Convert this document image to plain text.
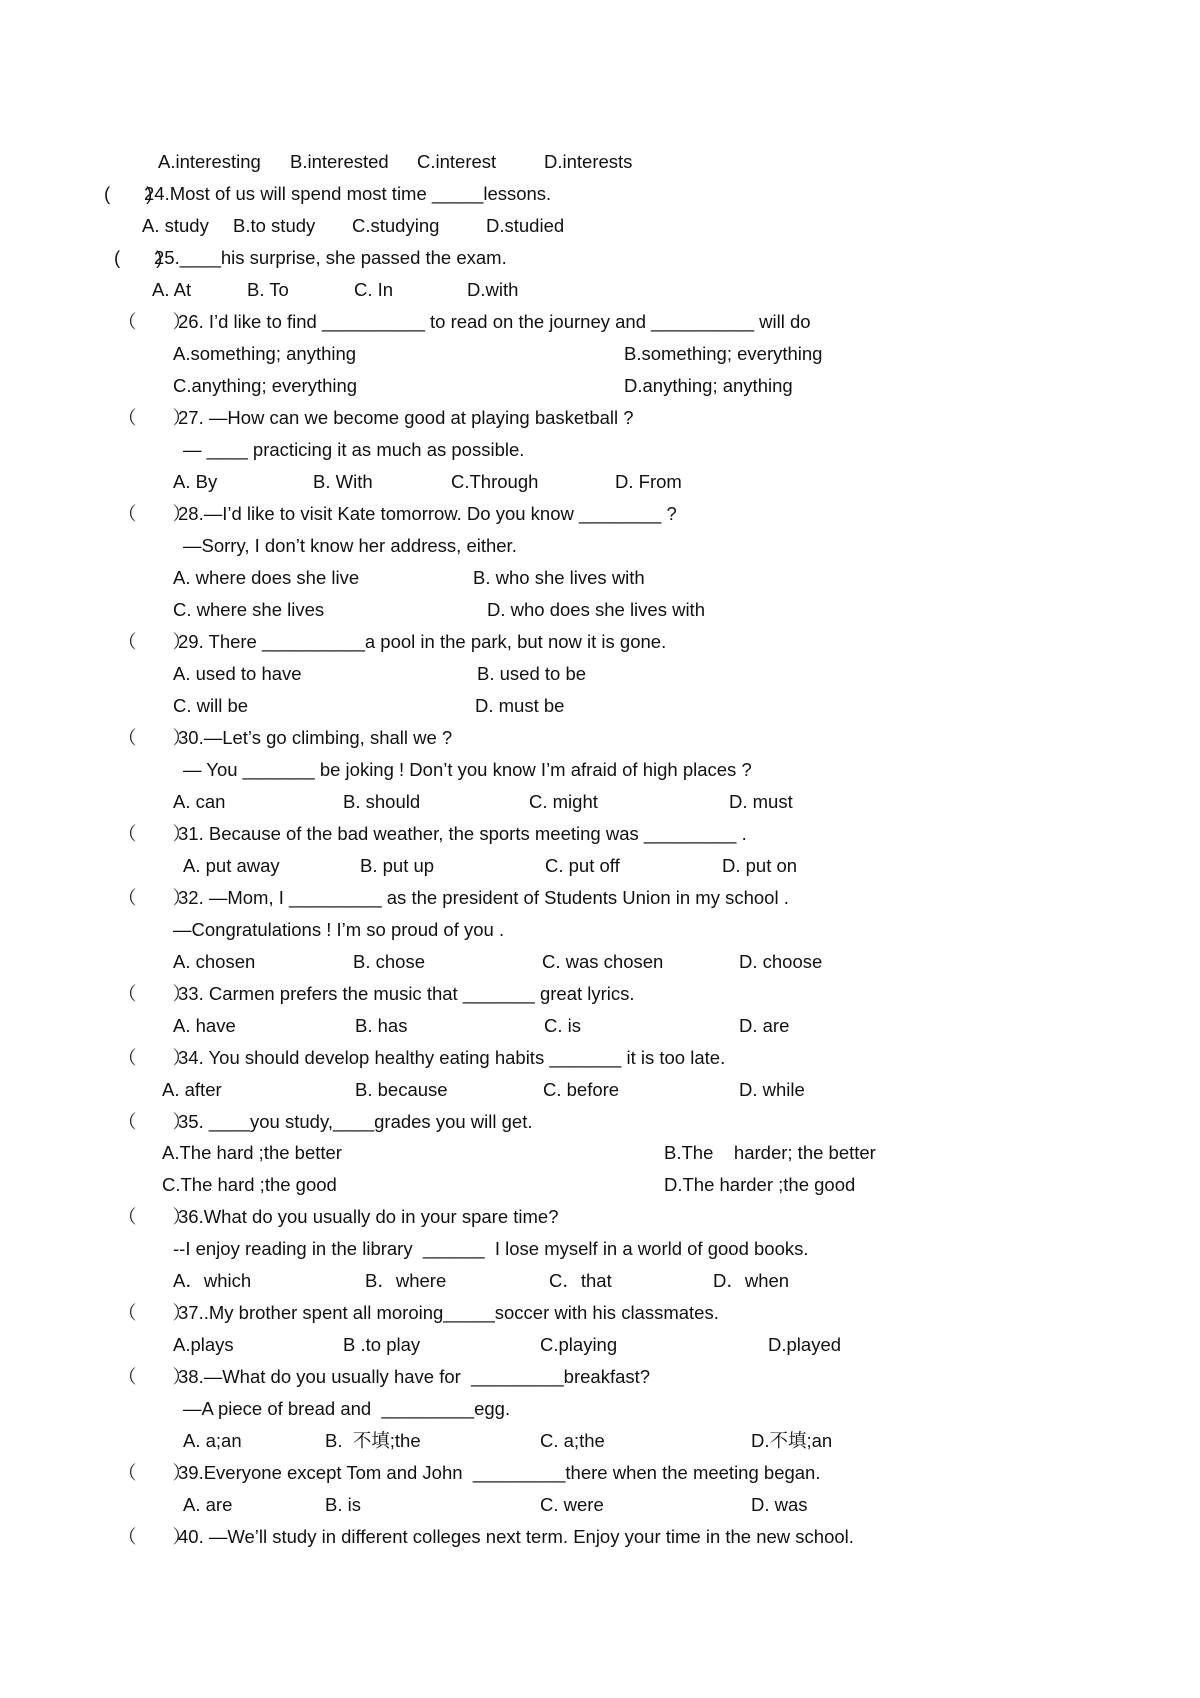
A.interesting B.interested C.interest	D.interests
(       )
24.Most of us will spend most time _____lessons.
A. study B.to study C.studying	D.studied
(       )
25.____his surprise, she passed the exam.
A. At	B. To	C. In	D.with
（       ）
26. I’d like to find __________ to read on the journey and __________ will do
A.something; anything	B.something; everything
C.anything; everything	D.anything; anything
（       ）
27. —How can we become good at playing basketball ?
— ____ practicing it as much as possible.
A. By	B. With	C.Through	D. From
（       ）
28.—I’d like to visit Kate tomorrow. Do you know ________ ?
—Sorry, I don’t know her address, either.
A. where does she live	B. who she lives with
C. where she lives	D. who does she lives with
（       ）
29. There __________a pool in the park, but now it is gone.
A. used to have	B. used to be
C. will be	D. must be
（       ）
30.—Let’s go climbing, shall we ?
— You _______ be joking ! Don’t you know I’m afraid of high places ?
A. can	B. should	C. might	D. must
（       ）
31. Because of the bad weather, the sports meeting was _________ .
A. put away	B. put up	C. put off	D. put on
（       ）
32. —Mom, I _________ as the president of Students Union in my school .
—Congratulations ! I’m so proud of you .
A. chosen	B. chose	C. was chosen	D. choose
（       ）
33. Carmen prefers the music that _______ great lyrics.
A. have	B. has	C. is	D. are
（       ）
34. You should develop healthy eating habits _______ it is too late.
A. after	B. because	C. before	D. while
（       ）
35. ____you study,____grades you will get.
A.The hard ;the better	B.The    harder; the better
C.The hard ;the good	D.The harder ;the good
（       ）
36.What do you usually do in your spare time?
--I enjoy reading in the library  ______  I lose myself in a world of good books.
A．which	B．where	C．that	D．when
（       ）
37..My brother spent all moroing_____soccer with his classmates.
A.plays	B .to play	C.playing	D.played
（       ）
38.—What do you usually have for  _________breakfast?
—A piece of bread and  _________egg.
A. a;an	B.  不填;the	C. a;the	D.不填;an
（       ）
39.Everyone except Tom and John  _________there when the meeting began.
A. are	B. is	C. were	D. was
（       ）
40. —We’ll study in different colleges next term. Enjoy your time in the new school.
